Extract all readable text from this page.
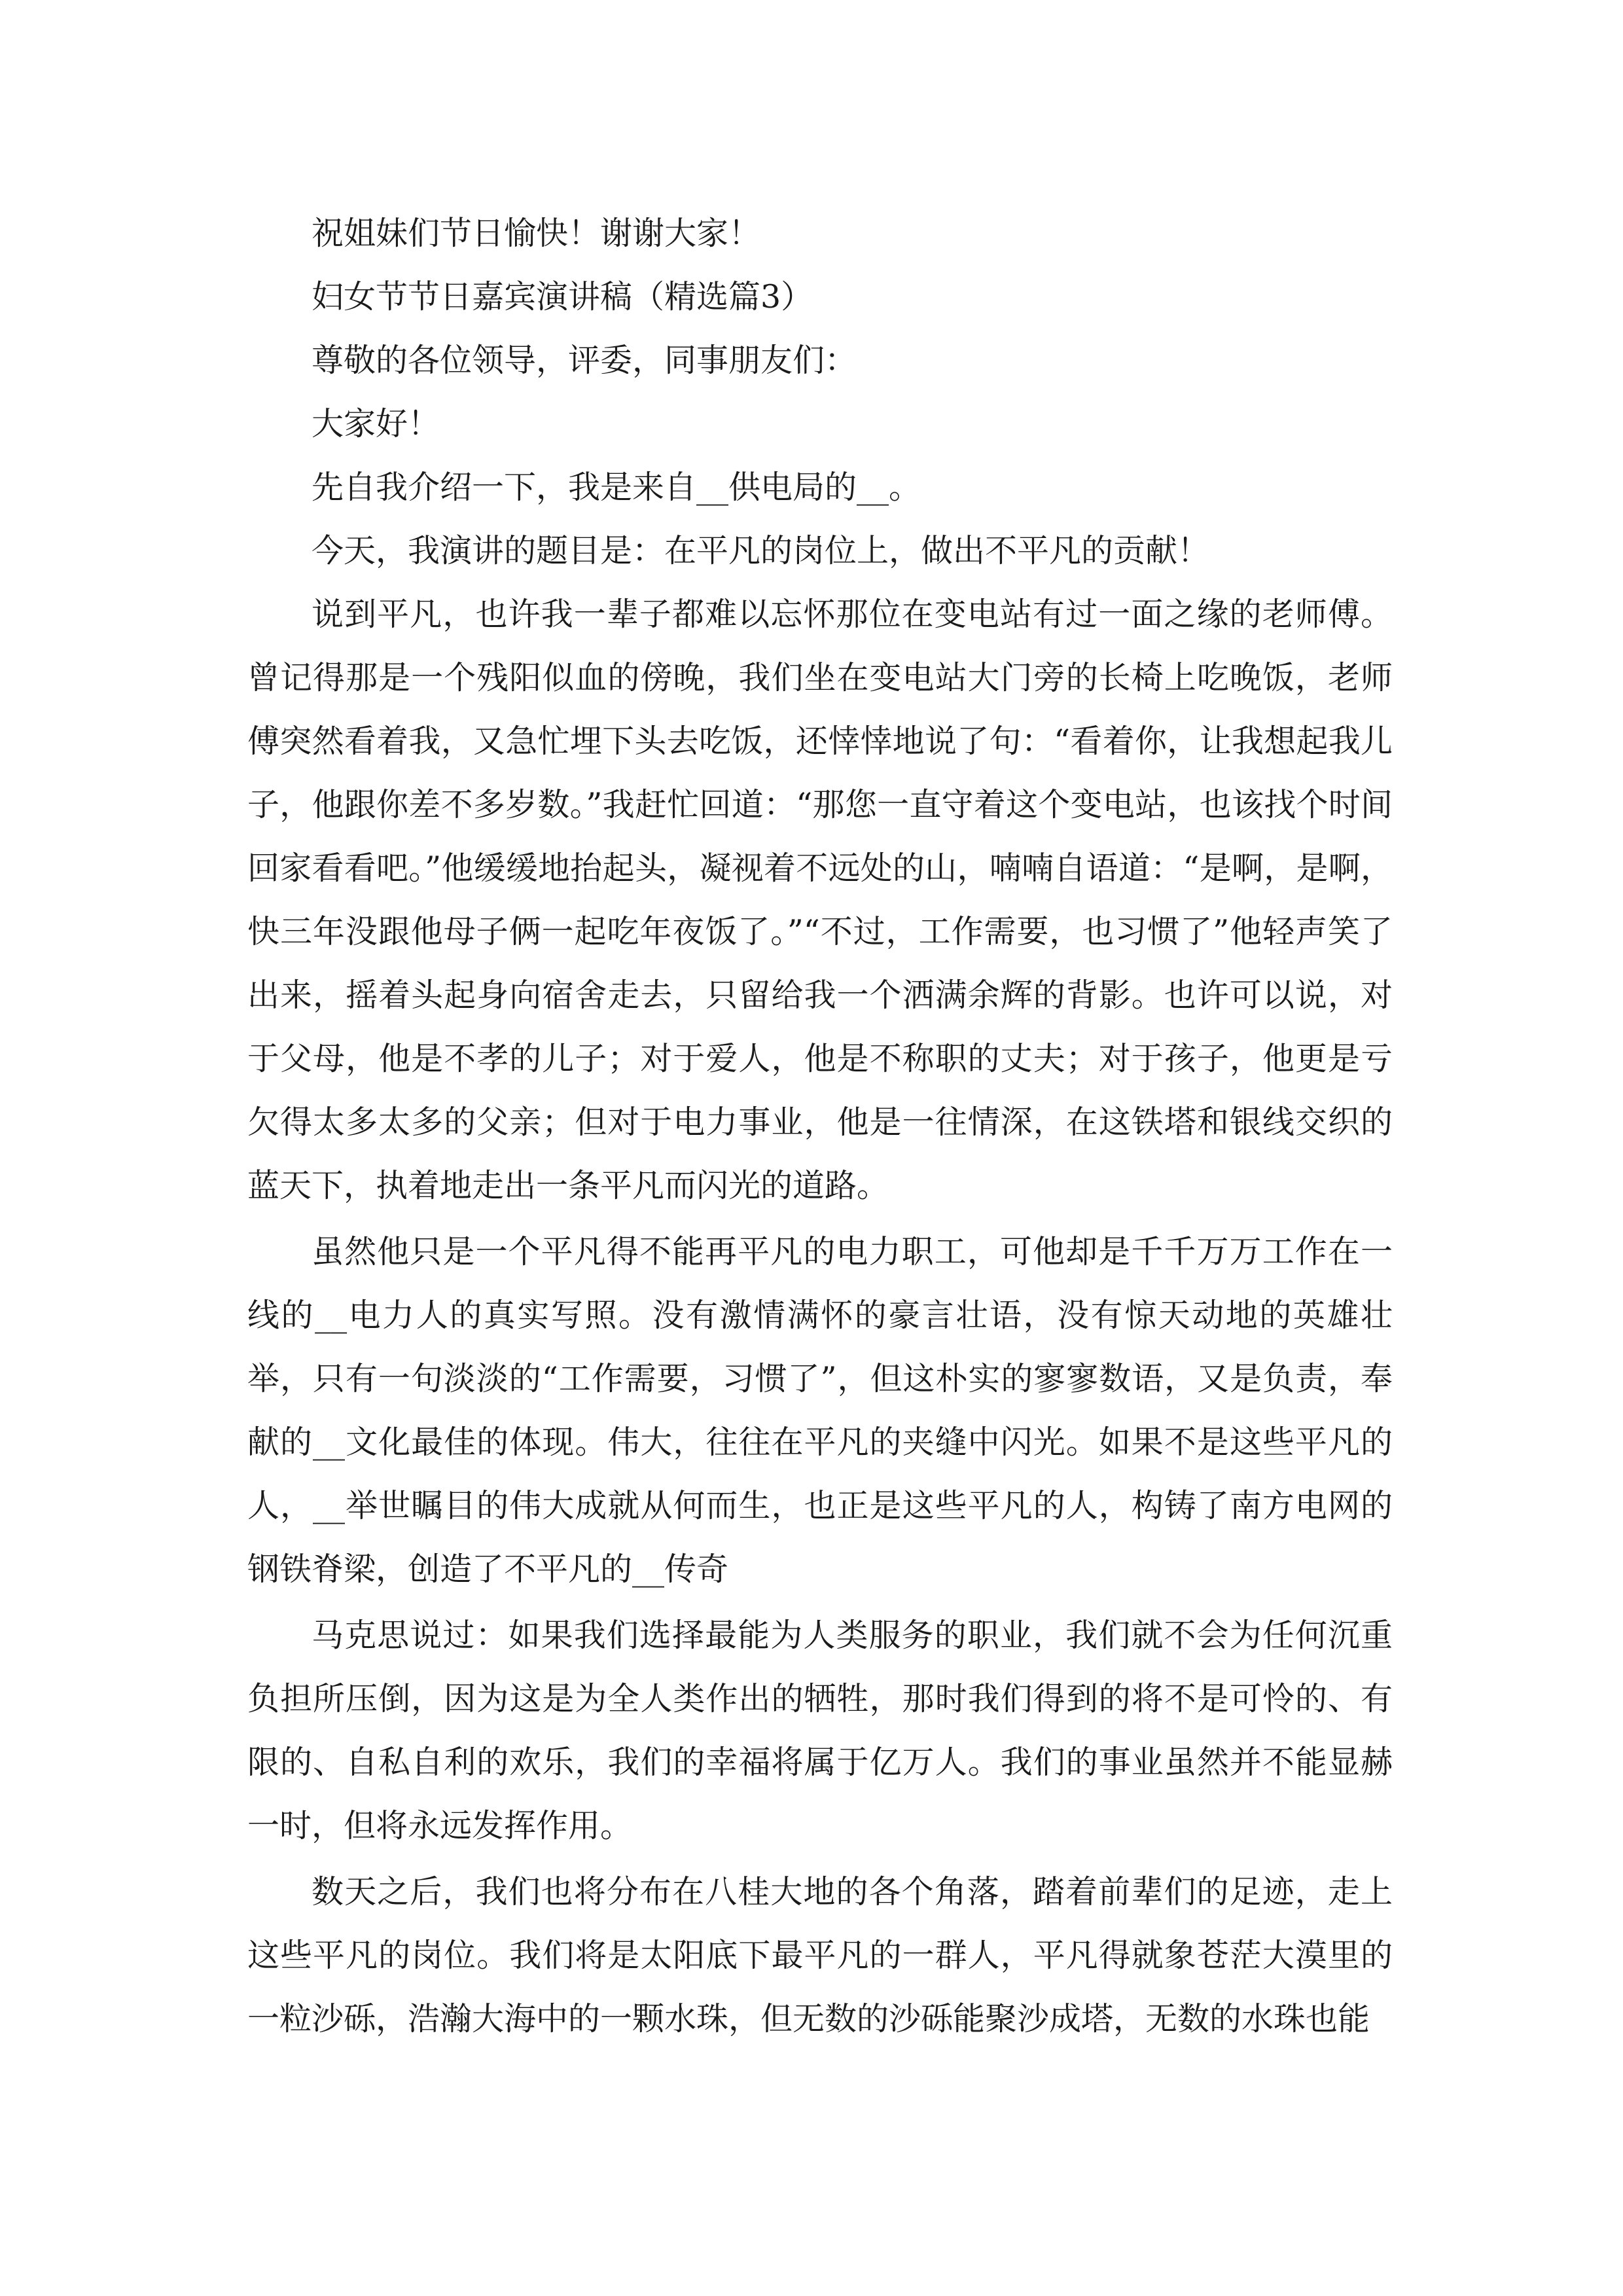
祝姐妹们节日愉快！谢谢大家！

妇女节节日嘉宾演讲稿（精选篇3）

尊敬的各位领导，评委，同事朋友们：

大家好！

先自我介绍一下，我是来自__供电局的__。

今天，我演讲的题目是：在平凡的岗位上，做出不平凡的贡献！

说到平凡，也许我一辈子都难以忘怀那位在变电站有过一面之缘的老师傅。曾记得那是一个残阳似血的傍晚，我们坐在变电站大门旁的长椅上吃晚饭，老师傅突然看着我，又急忙埋下头去吃饭，还悻悻地说了句：“看着你，让我想起我儿子，他跟你差不多岁数。”我赶忙回道：“那您一直守着这个变电站，也该找个时间回家看看吧。”他缓缓地抬起头，凝视着不远处的山，喃喃自语道：“是啊，是啊，快三年没跟他母子俩一起吃年夜饭了。”“不过，工作需要，也习惯了”他轻声笑了出来，摇着头起身向宿舍走去，只留给我一个洒满余辉的背影。也许可以说，对于父母，他是不孝的儿子；对于爱人，他是不称职的丈夫；对于孩子，他更是亏欠得太多太多的父亲；但对于电力事业，他是一往情深，在这铁塔和银线交织的蓝天下，执着地走出一条平凡而闪光的道路。

虽然他只是一个平凡得不能再平凡的电力职工，可他却是千千万万工作在一线的__电力人的真实写照。没有激情满怀的豪言壮语，没有惊天动地的英雄壮举，只有一句淡淡的“工作需要，习惯了”，但这朴实的寥寥数语，又是负责，奉献的__文化最佳的体现。伟大，往往在平凡的夹缝中闪光。如果不是这些平凡的人，__举世瞩目的伟大成就从何而生，也正是这些平凡的人，构铸了南方电网的钢铁脊梁，创造了不平凡的__传奇

马克思说过：如果我们选择最能为人类服务的职业，我们就不会为任何沉重负担所压倒，因为这是为全人类作出的牺牲，那时我们得到的将不是可怜的、有限的、自私自利的欢乐，我们的幸福将属于亿万人。我们的事业虽然并不能显赫一时，但将永远发挥作用。

数天之后，我们也将分布在八桂大地的各个角落，踏着前辈们的足迹，走上这些平凡的岗位。我们将是太阳底下最平凡的一群人，平凡得就象苍茫大漠里的一粒沙砾，浩瀚大海中的一颗水珠，但无数的沙砾能聚沙成塔，无数的水珠也能
